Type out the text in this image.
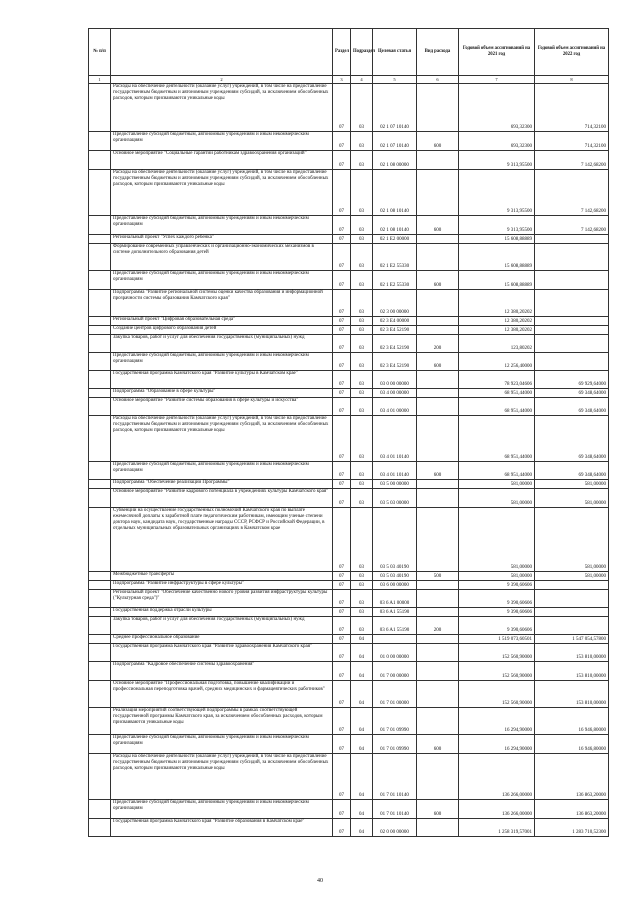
№ п/п		Раздел	Подраздел	Целевая статья	Вид расхода	Годовой объем ассигнований на 2021 год	Годовой объем ассигнований на 2022 год
1	2	3	4	5	6	7	8
	Расходы на обеспечение деятельности (оказание услуг) учреждений, в том числе на предоставление государственным бюджетным и автономным учреждениям субсидий, за исключением обособленных расходов, которым присваиваются уникальные коды	07	03	02 1 07 10140		693,32300	714,32100
	Предоставление субсидий бюджетным, автономным учреждениям и иным некоммерческим организациям	07	03	02 1 07 10140	600	693,32300	714,32100
	Основное мероприятие "Социальные гарантии работникам здравоохранения организаций"	07	03	02 1 08 00000		9 313,95500	7 142,68200
	Расходы на обеспечение деятельности (оказание услуг) учреждений, в том числе на предоставление государственным бюджетным и автономным учреждениям субсидий, за исключением обособленных расходов, которым присваиваются уникальные коды	07	03	02 1 08 10140		9 313,95500	7 142,68200
	Предоставление субсидий бюджетным, автономным учреждениям и иным некоммерческим организациям	07	03	02 1 08 10140	600	9 313,95500	7 142,68200
	Региональный проект "Успех каждого ребенка"	07	03	02 1 E2 00000		15 608,88889	
	Формирование современных управленческих и организационно-экономических механизмов в системе дополнительного образования детей	07	03	02 1 E2 55330		15 608,88889	
	Предоставление субсидий бюджетным, автономным учреждениям и иным некоммерческим организациям	07	03	02 1 E2 55330	600	15 608,88889	
	Подпрограмма "Развитие региональной системы оценки качества образования и информационной прозрачности системы образования Камчатского края"	07	03	02 3 00 00000		12 380,20202	
	Региональный проект "Цифровая образовательная среда"	07	03	02 3 E4 00000		12 380,20202	
	Создание центров цифрового образования детей	07	03	02 3 E4 52190		12 380,20202	
	Закупка товаров, работ и услуг для обеспечения государственных (муниципальных) нужд	07	03	02 3 E4 52190	200	123,80202	
	Предоставление субсидий бюджетным, автономным учреждениям и иным некоммерческим организациям	07	03	02 3 E4 52190	600	12 256,40000	
	Государственная программа Камчатского края "Развитие культуры в Камчатском крае"	07	03	03 0 00 00000		78 923,04606	69 929,64000
	Подпрограмма "Образование в сфере культуры"	07	03	03 4 00 00000		68 951,44000	69 348,64000
	Основное мероприятие "Развитие системы образования в сфере культуры и искусства"	07	03	03 4 01 00000		68 951,44000	69 348,64000
	Расходы на обеспечение деятельности (оказание услуг) учреждений, в том числе на предоставление государственным бюджетным и автономным учреждениям субсидий, за исключением обособленных расходов, которым присваиваются уникальные коды	07	03	03 4 01 10140		68 951,44000	69 348,64000
	Предоставление субсидий бюджетным, автономным учреждениям и иным некоммерческим организациям	07	03	03 4 01 10140	600	68 951,44000	69 348,64000
	Подпрограмма "Обеспечение реализации Программы"	07	03	03 5 00 00000		581,00000	581,00000
	Основное мероприятие "Развитие кадрового потенциала в учреждениях культуры Камчатского края"	07	03	03 5 03 00000		581,00000	581,00000
	Субвенции на осуществление государственных полномочий Камчатского края по выплате ежемесячной доплаты к заработной плате педагогическим работникам, имеющим ученые степени доктора наук, кандидата наук, государственные награды СССР, РСФСР и Российской Федерации, в отдельных муниципальных образовательных организациях в Камчатском крае	07	03	03 5 03 40190		581,00000	581,00000
	Межбюджетные трансферты	07	03	03 5 03 40190	500	581,00000	581,00000
	Подпрограмма "Развитие инфраструктуры в сфере культуры"	07	03	03 6 00 00000		9 390,60606	
	Региональный проект "Обеспечение качественно нового уровня развития инфраструктуры культуры ("Культурная среда")"	07	03	03 6 A1 00000		9 390,60606	
	Государственная поддержка отрасли культуры	07	03	03 6 A1 55190		9 390,60606	
	Закупка товаров, работ и услуг для обеспечения государственных (муниципальных) нужд	07	03	03 6 A1 55190	200	9 390,60606	
	Среднее профессиональное образование	07	04			1 519 073,60501	1 547 054,57800
	Государственная программа Камчатского края "Развитие здравоохранения Камчатского края"	07	04	01 0 00 00000		152 560,90000	153 810,00000
	Подпрограмма "Кадровое обеспечение системы здравоохранения"	07	04	01 7 00 00000		152 560,90000	153 810,00000
	Основное мероприятие "Профессиональная подготовка, повышение квалификации и профессиональная переподготовка врачей, средних медицинских и фармацевтических работников"	07	04	01 7 01 00000		152 560,90000	153 810,00000
	Реализация мероприятий соответствующей подпрограммы в рамках соответствующей государственной программы Камчатского края, за исключением обособленных расходов, которым присваиваются уникальные коды	07	04	01 7 01 09990		16 294,90000	16 946,80000
	Предоставление субсидий бюджетным, автономным учреждениям и иным некоммерческим организациям	07	04	01 7 01 09990	600	16 294,90000	16 946,80000
	Расходы на обеспечение деятельности (оказание услуг) учреждений, в том числе на предоставление государственным бюджетным и автономным учреждениям субсидий, за исключением обособленных расходов, которым присваиваются уникальные коды	07	04	01 7 01 10140		136 266,00000	136 863,20000
	Предоставление субсидий бюджетным, автономным учреждениям и иным некоммерческим организациям	07	04	01 7 01 10140	600	136 266,00000	136 863,20000
	Государственная программа Камчатского края "Развитие образования в Камчатском крае"	07	04	02 0 00 00000		1 258 319,57001	1 283 710,52300
40
